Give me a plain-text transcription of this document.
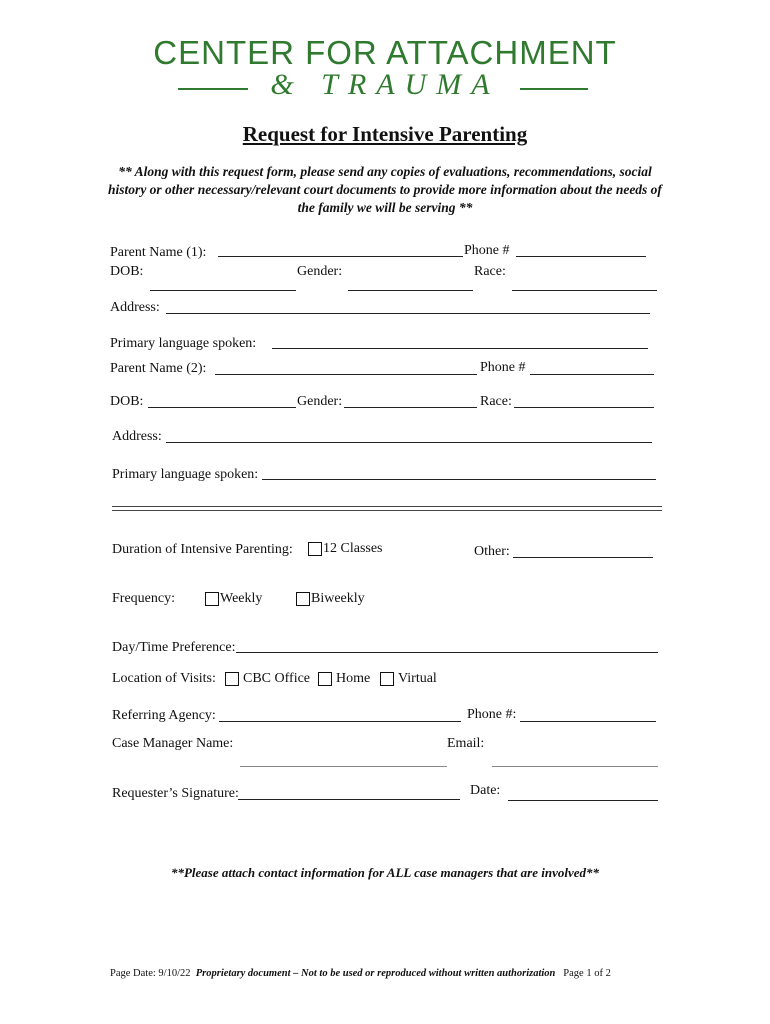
CENTER FOR ATTACHMENT
& TRAUMA
Request for Intensive Parenting
** Along with this request form, please send any copies of evaluations, recommendations, social history or other necessary/relevant court documents to provide more information about the needs of the family we will be serving **
Parent Name (1):	Phone #
DOB:	Gender:	Race:
Address:
Primary language spoken:
Parent Name (2):	Phone #
DOB:	Gender:	Race:
Address:
Primary language spoken:
Duration of Intensive Parenting: 12 Classes	Other:
Frequency:	Weekly	Biweekly
Day/Time Preference:
Location of Visits: CBC Office Home Virtual
Referring Agency:	Phone #:
Case Manager Name:	Email:
Requester’s Signature:	Date:
**Please attach contact information for ALL case managers that are involved**
Page Date: 9/10/22 Proprietary document – Not to be used or reproduced without written authorization Page 1 of 2
